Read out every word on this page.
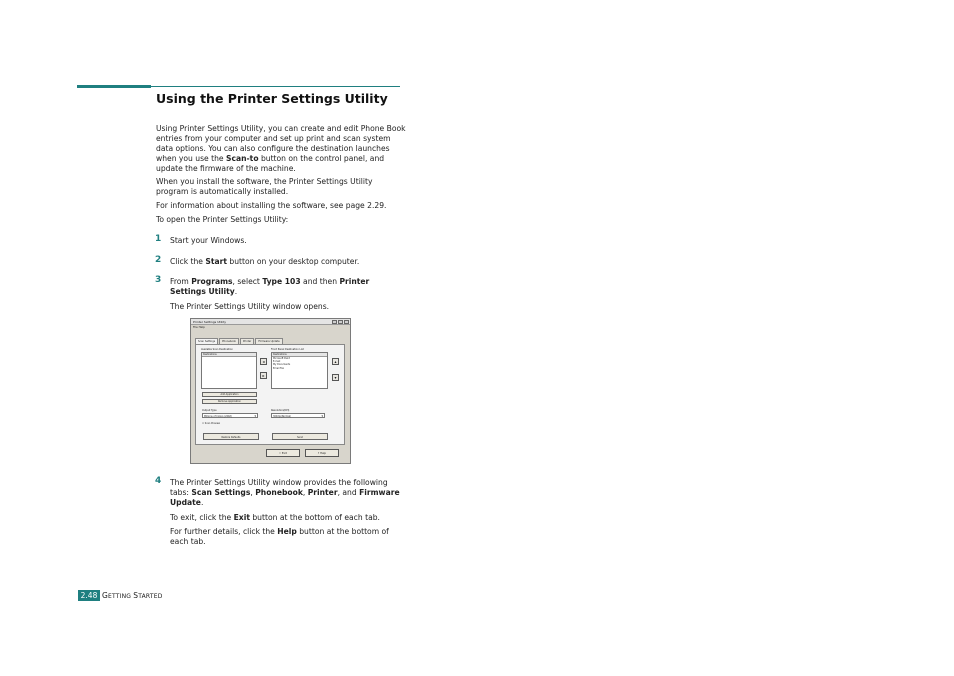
Using the Printer Settings Utility

Using Printer Settings Utility, you can create and edit Phone Book entries from your computer and set up print and scan system data options. You can also configure the destination launches when you use the Scan-to button on the control panel, and update the firmware of the machine.

When you install the software, the Printer Settings Utility program is automatically installed.

For information about installing the software, see page 2.29.

To open the Printer Settings Utility:

1 Start your Windows.

2 Click the Start button on your desktop computer.

3 From Programs, select Type 103 and then Printer Settings Utility.

The Printer Settings Utility window opens.

Printer Settings Utility
File Help
Scan Settings	Phonebook	Printer	Firmware Update
Available Scan Destination
Destinations
◂
▸
Front Panel Destination List
Destinations
Microsoft Paint
E-mail
My Documents
Email Fax
▴
▾
Add Application
Remove Application
Output Type
Millions of Colors (24bit) ▾
Resolution(DPI)
300dpi(Normal) ▾
☐ Scan Preview
Restore Defaults	Send
⛶ Exit	? Help
4 The Printer Settings Utility window provides the following tabs: Scan Settings, Phonebook, Printer, and Firmware Update.

To exit, click the Exit button at the bottom of each tab.

For further details, click the Help button at the bottom of each tab.

2.48 GETTING STARTED
